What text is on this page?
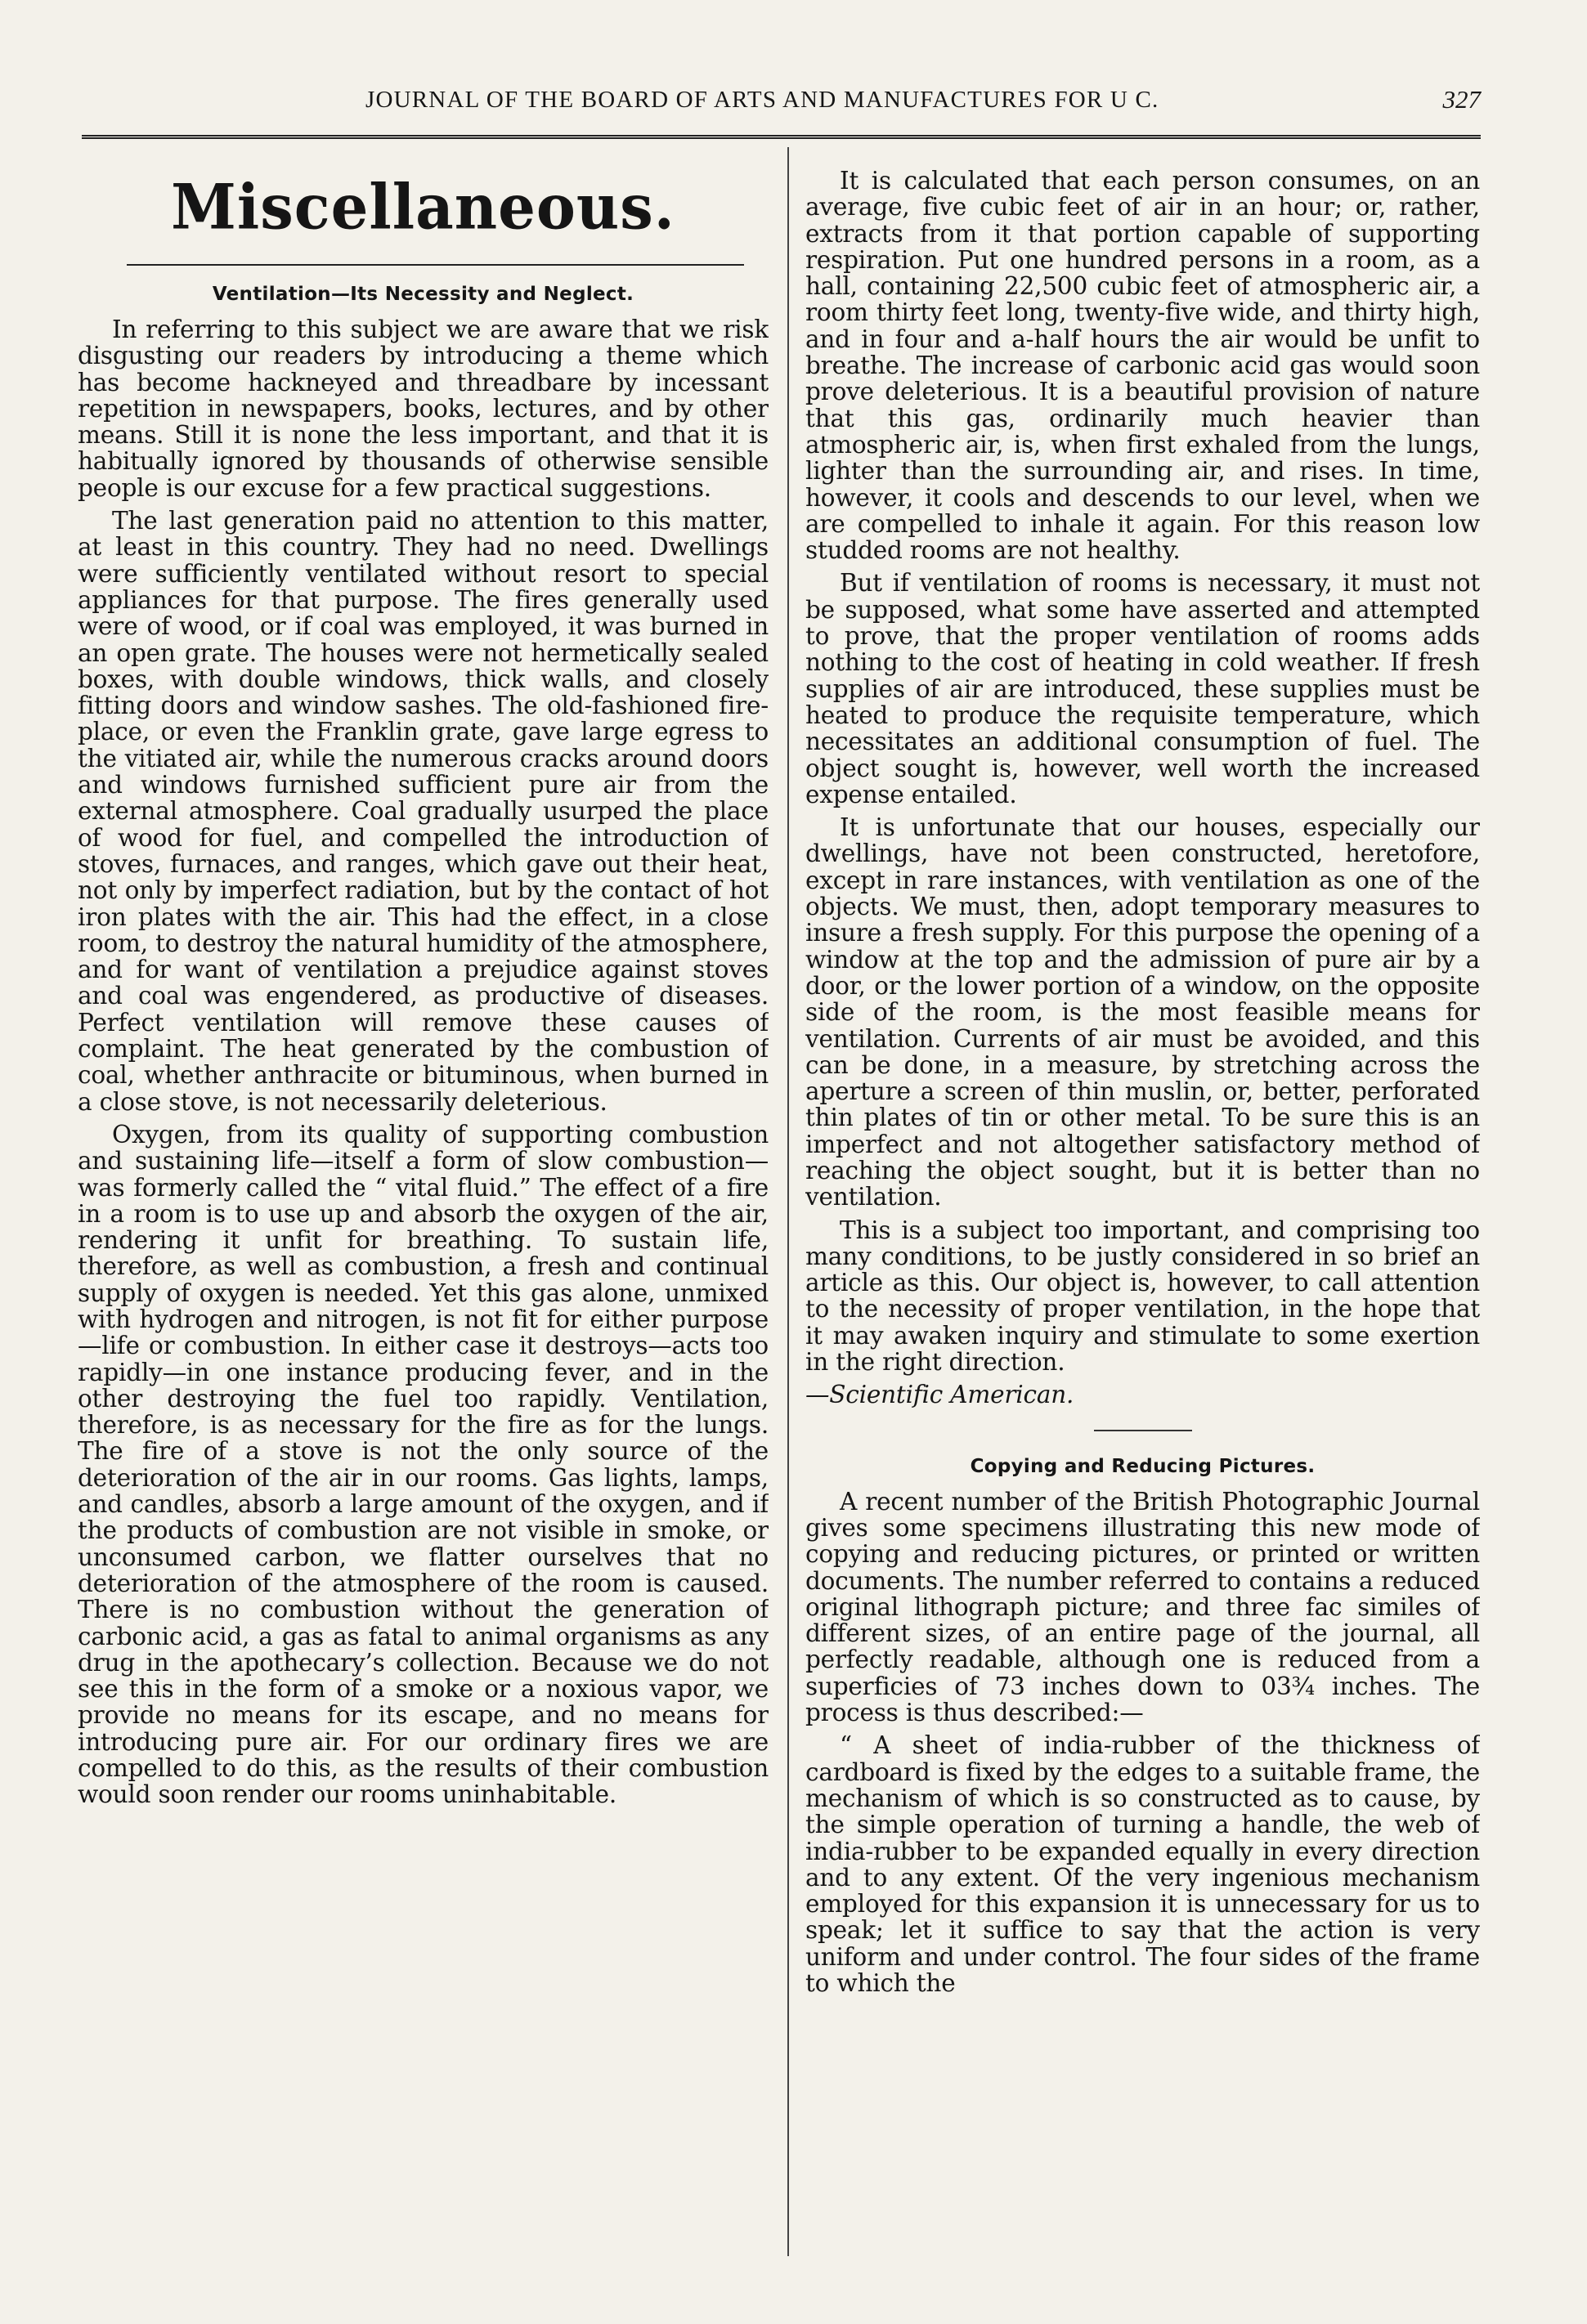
JOURNAL OF THE BOARD OF ARTS AND MANUFACTURES FOR U C.	327
Miscellaneous.
Ventilation—Its Necessity and Neglect.

In referring to this subject we are aware that we risk disgusting our readers by introducing a theme which has become hackneyed and threadbare by incessant repetition in newspapers, books, lectures, and by other means. Still it is none the less important, and that it is habitually ignored by thousands of otherwise sensible people is our excuse for a few practical suggestions.

The last generation paid no attention to this matter, at least in this country. They had no need. Dwellings were sufficiently ventilated without resort to special appliances for that purpose. The fires generally used were of wood, or if coal was employed, it was burned in an open grate. The houses were not hermetically sealed boxes, with double windows, thick walls, and closely fitting doors and window sashes. The old-fashioned fire-place, or even the Franklin grate, gave large egress to the vitiated air, while the numerous cracks around doors and windows furnished sufficient pure air from the external atmosphere. Coal gradually usurped the place of wood for fuel, and compelled the introduction of stoves, furnaces, and ranges, which gave out their heat, not only by imperfect radiation, but by the contact of hot iron plates with the air. This had the effect, in a close room, to destroy the natural humidity of the atmosphere, and for want of ventilation a prejudice against stoves and coal was engendered, as productive of diseases. Perfect ventilation will remove these causes of complaint. The heat generated by the combustion of coal, whether anthracite or bituminous, when burned in a close stove, is not necessarily deleterious.

Oxygen, from its quality of supporting combustion and sustaining life—itself a form of slow combustion—was formerly called the “ vital fluid.” The effect of a fire in a room is to use up and absorb the oxygen of the air, rendering it unfit for breathing. To sustain life, therefore, as well as combustion, a fresh and continual supply of oxygen is needed. Yet this gas alone, unmixed with hydrogen and nitrogen, is not fit for either purpose—life or combustion. In either case it destroys—acts too rapidly—in one instance producing fever, and in the other destroying the fuel too rapidly. Ventilation, therefore, is as necessary for the fire as for the lungs. The fire of a stove is not the only source of the deterioration of the air in our rooms. Gas lights, lamps, and candles, absorb a large amount of the oxygen, and if the products of combustion are not visible in smoke, or unconsumed carbon, we flatter ourselves that no deterioration of the atmosphere of the room is caused. There is no combustion without the generation of carbonic acid, a gas as fatal to animal organisms as any drug in the apothecary’s collection. Because we do not see this in the form of a smoke or a noxious vapor, we provide no means for its escape, and no means for introducing pure air. For our ordinary fires we are compelled to do this, as the results of their combustion would soon render our rooms uninhabitable.

It is calculated that each person consumes, on an average, five cubic feet of air in an hour; or, rather, extracts from it that portion capable of supporting respiration. Put one hundred persons in a room, as a hall, containing 22,500 cubic feet of atmospheric air, a room thirty feet long, twenty-five wide, and thirty high, and in four and a-half hours the air would be unfit to breathe. The increase of carbonic acid gas would soon prove deleterious. It is a beautiful provision of nature that this gas, ordinarily much heavier than atmospheric air, is, when first exhaled from the lungs, lighter than the surrounding air, and rises. In time, however, it cools and descends to our level, when we are compelled to inhale it again. For this reason low studded rooms are not healthy.

But if ventilation of rooms is necessary, it must not be supposed, what some have asserted and attempted to prove, that the proper ventilation of rooms adds nothing to the cost of heating in cold weather. If fresh supplies of air are introduced, these supplies must be heated to produce the requisite temperature, which necessitates an additional consumption of fuel. The object sought is, however, well worth the increased expense entailed.

It is unfortunate that our houses, especially our dwellings, have not been constructed, heretofore, except in rare instances, with ventilation as one of the objects. We must, then, adopt temporary measures to insure a fresh supply. For this purpose the opening of a window at the top and the admission of pure air by a door, or the lower portion of a window, on the opposite side of the room, is the most feasible means for ventilation. Currents of air must be avoided, and this can be done, in a measure, by stretching across the aperture a screen of thin muslin, or, better, perforated thin plates of tin or other metal. To be sure this is an imperfect and not altogether satisfactory method of reaching the object sought, but it is better than no ventilation.

This is a subject too important, and comprising too many conditions, to be justly considered in so brief an article as this. Our object is, however, to call attention to the necessity of proper ventilation, in the hope that it may awaken inquiry and stimulate to some exertion in the right direction.

—Scientific American.

Copying and Reducing Pictures.

A recent number of the British Photographic Journal gives some specimens illustrating this new mode of copying and reducing pictures, or printed or written documents. The number referred to contains a reduced original lithograph picture; and three fac similes of different sizes, of an entire page of the journal, all perfectly readable, although one is reduced from a superficies of 73 inches down to 03¾ inches. The process is thus described:—

“ A sheet of india-rubber of the thickness of cardboard is fixed by the edges to a suitable frame, the mechanism of which is so constructed as to cause, by the simple operation of turning a handle, the web of india-rubber to be expanded equally in every direction and to any extent. Of the very ingenious mechanism employed for this expansion it is unnecessary for us to speak; let it suffice to say that the action is very uniform and under control. The four sides of the frame to which the
